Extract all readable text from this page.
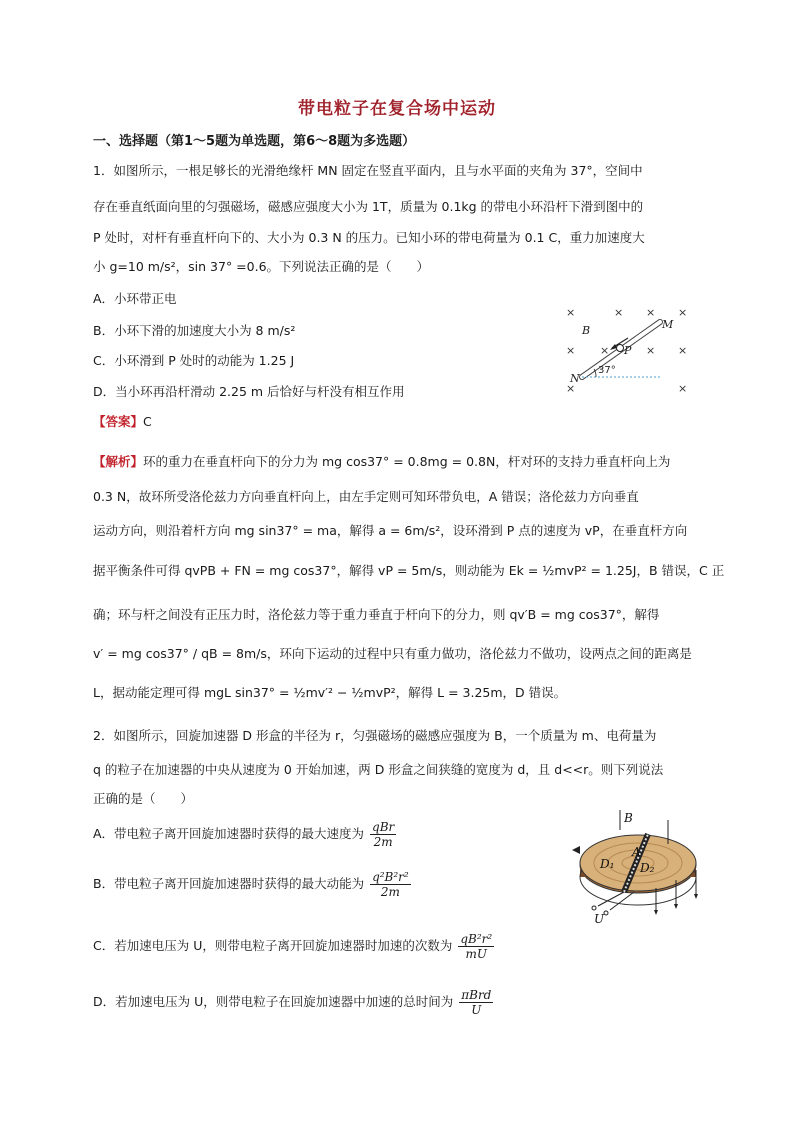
带电粒子在复合场中运动
一、选择题（第1～5题为单选题，第6～8题为多选题）
1．如图所示，一根足够长的光滑绝缘杆 MN 固定在竖直平面内，且与水平面的夹角为 37°，空间中
存在垂直纸面向里的匀强磁场，磁感应强度大小为 1T，质量为 0.1kg 的带电小环沿杆下滑到图中的
P 处时，对杆有垂直杆向下的、大小为 0.3 N 的压力。已知小环的带电荷量为 0.1 C，重力加速度大
小 g=10 m/s²，sin 37° =0.6。下列说法正确的是（　　）
A．小环带正电
B．小环下滑的加速度大小为 8 m/s²
C．小环滑到 P 处时的动能为 1.25 J
D．当小环再沿杆滑动 2.25 m 后恰好与杆没有相互作用
【答案】C
【解析】环的重力在垂直杆向下的分力为 mg cos37° = 0.8mg = 0.8N，杆对环的支持力垂直杆向上为
0.3 N，故环所受洛伦兹力方向垂直杆向上，由左手定则可知环带负电，A 错误；洛伦兹力方向垂直
运动方向，则沿着杆方向 mg sin37° = ma，解得 a = 6m/s²，设环滑到 P 点的速度为 vP，在垂直杆方向
据平衡条件可得 qvPB + FN = mg cos37°，解得 vP = 5m/s，则动能为 Ek = ½mvP² = 1.25J，B 错误，C 正
确；环与杆之间没有正压力时，洛伦兹力等于重力垂直于杆向下的分力，则 qv′B = mg cos37°，解得
v′ = mg cos37° / qB = 8m/s，环向下运动的过程中只有重力做功，洛伦兹力不做功，设两点之间的距离是
L，据动能定理可得 mgL sin37° = ½mv′² − ½mvP²，解得 L = 3.25m，D 错误。
×	× × ×
× ×	× ×
×	×
B	M
N
P
37°
2．如图所示，回旋加速器 D 形盒的半径为 r，匀强磁场的磁感应强度为 B，一个质量为 m、电荷量为
q 的粒子在加速器的中央从速度为 0 开始加速，两 D 形盒之间狭缝的宽度为 d，且 d<<r。则下列说法
正确的是（　　）
A．带电粒子离开回旋加速器时获得的最大速度为 $\frac{\text{qBr}}{2m}$
B．带电粒子离开回旋加速器时获得的最大动能为 $\frac{\text{q²B²r²}}{2m}$
C．若加速电压为 U，则带电粒子离开回旋加速器时加速的次数为 $\frac{\text{qB²r²}}{mU}$
D．若加速电压为 U，则带电粒子在回旋加速器中加速的总时间为 $\frac{\text{πBrd}}{U}$
B
A
D₁ D₂
U
